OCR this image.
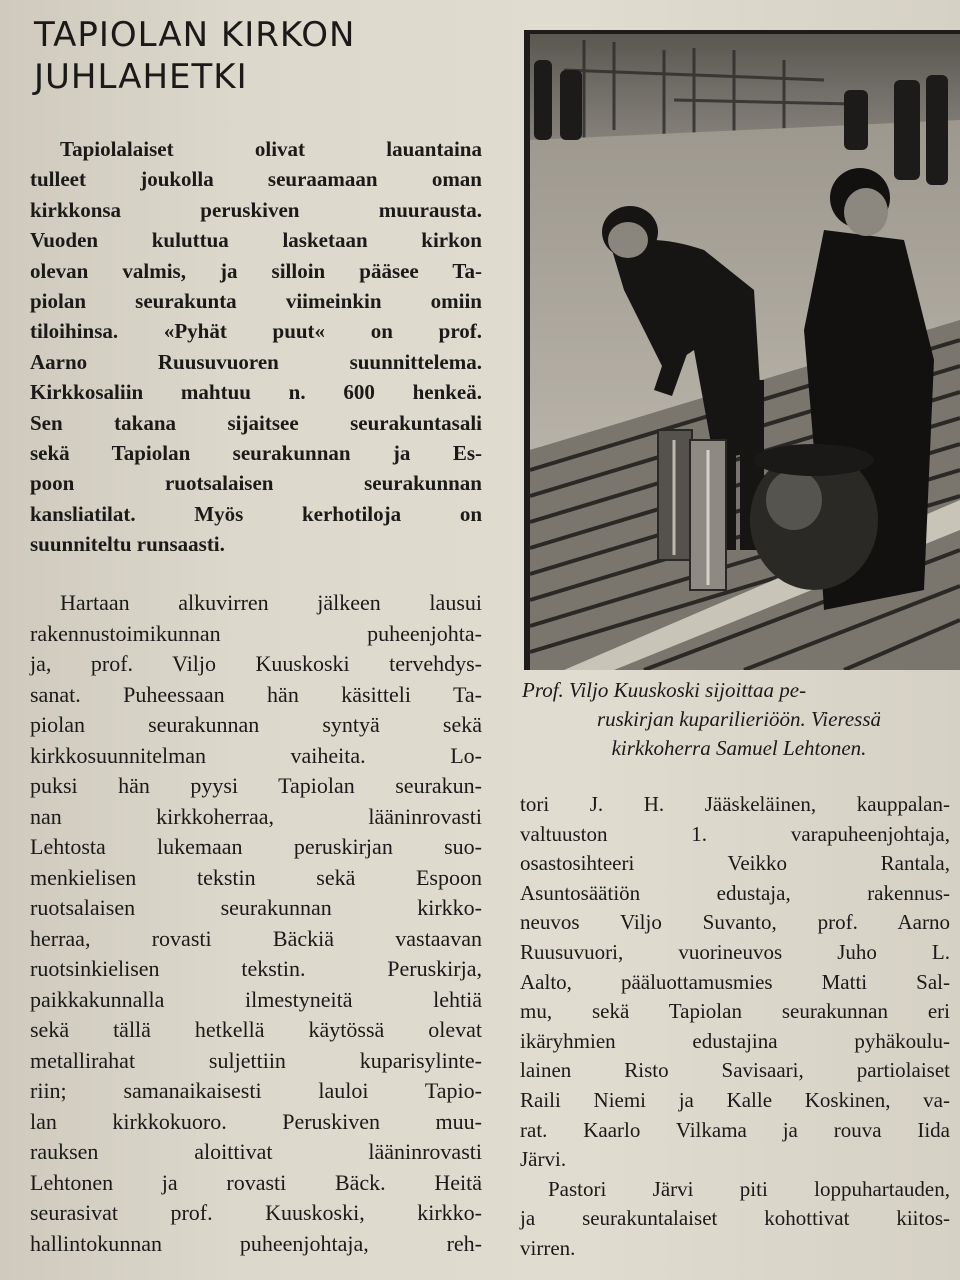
TAPIOLAN KIRKON
JUHLAHETKI

Tapiolalaiset olivat lauantaina
tulleet joukolla seuraamaan oman
kirkkonsa peruskiven muurausta.
Vuoden kuluttua lasketaan kirkon
olevan valmis, ja silloin pääsee Ta-
piolan seurakunta viimeinkin omiin
tiloihinsa. «Pyhät puut« on prof.
Aarno Ruusuvuoren suunnittelema.
Kirkkosaliin mahtuu n. 600 henkeä.
Sen takana sijaitsee seurakuntasali
sekä Tapiolan seurakunnan ja Es-
poon ruotsalaisen seurakunnan
kansliatilat. Myös kerhotiloja on
suunniteltu runsaasti.

Hartaan alkuvirren jälkeen lausui
rakennustoimikunnan puheenjohta-
ja, prof. Viljo Kuuskoski tervehdys-
sanat. Puheessaan hän käsitteli Ta-
piolan seurakunnan syntyä sekä
kirkkosuunnitelman vaiheita. Lo-
puksi hän pyysi Tapiolan seurakun-
nan kirkkoherraa, lääninrovasti
Lehtosta lukemaan peruskirjan suo-
menkielisen tekstin sekä Espoon
ruotsalaisen seurakunnan kirkko-
herraa, rovasti Bäckiä vastaavan
ruotsinkielisen tekstin. Peruskirja,
paikkakunnalla ilmestyneitä lehtiä
sekä tällä hetkellä käytössä olevat
metallirahat suljettiin kuparisylinte-
riin; samanaikaisesti lauloi Tapio-
lan kirkkokuoro. Peruskiven muu-
rauksen aloittivat lääninrovasti
Lehtonen ja rovasti Bäck. Heitä
seurasivat prof. Kuuskoski, kirkko-
hallintokunnan puheenjohtaja, reh-

Prof. Viljo Kuuskoski sijoittaa pe-
ruskirjan kuparilieriöön. Vieressä
kirkkoherra Samuel Lehtonen.

tori J. H. Jääskeläinen, kauppalan-
valtuuston 1. varapuheenjohtaja,
osastosihteeri Veikko Rantala,
Asuntosäätiön edustaja, rakennus-
neuvos Viljo Suvanto, prof. Aarno
Ruusuvuori, vuorineuvos Juho L.
Aalto, pääluottamusmies Matti Sal-
mu, sekä Tapiolan seurakunnan eri
ikäryhmien edustajina pyhäkoulu-
lainen Risto Savisaari, partiolaiset
Raili Niemi ja Kalle Koskinen, va-
rat. Kaarlo Vilkama ja rouva Iida
Järvi.
Pastori Järvi piti loppuhartauden,
ja seurakuntalaiset kohottivat kiitos-
virren.
